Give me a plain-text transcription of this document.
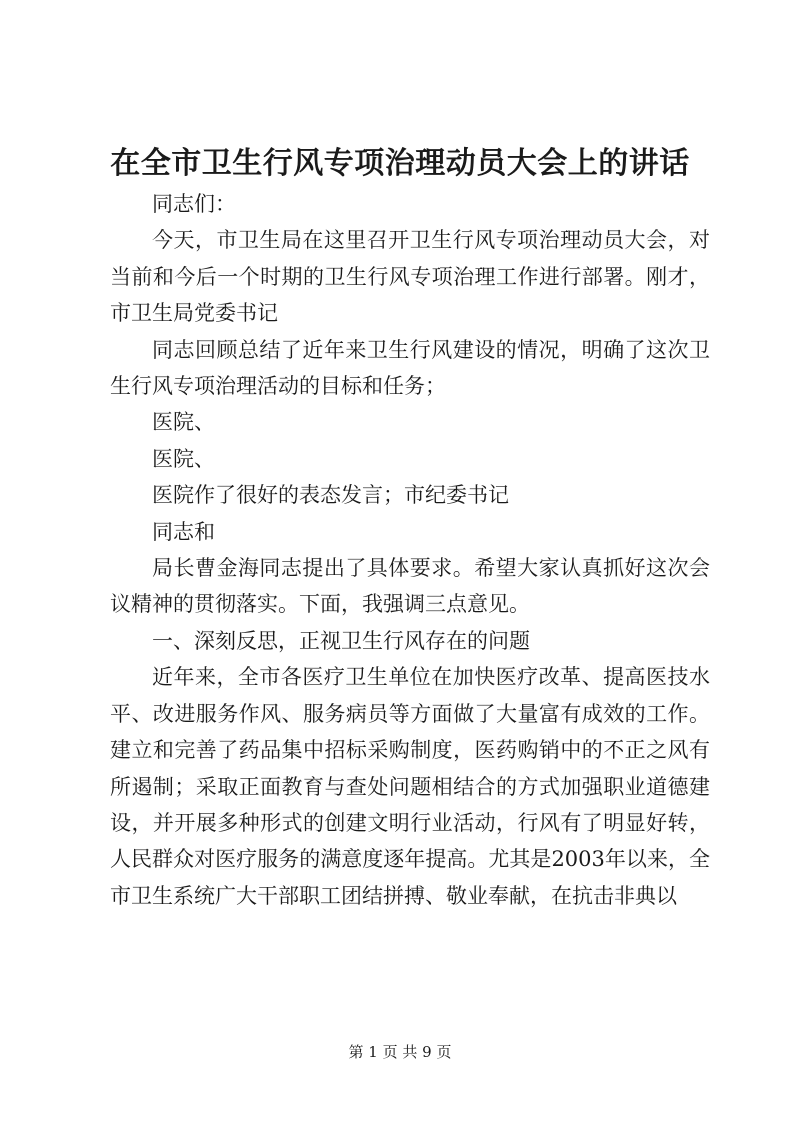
在全市卫生行风专项治理动员大会上的讲话

同志们：

今天，市卫生局在这里召开卫生行风专项治理动员大会，对当前和今后一个时期的卫生行风专项治理工作进行部署。刚才，市卫生局党委书记

同志回顾总结了近年来卫生行风建设的情况，明确了这次卫生行风专项治理活动的目标和任务；

医院、

医院、

医院作了很好的表态发言；市纪委书记

同志和

局长曹金海同志提出了具体要求。希望大家认真抓好这次会议精神的贯彻落实。下面，我强调三点意见。

一、深刻反思，正视卫生行风存在的问题

近年来，全市各医疗卫生单位在加快医疗改革、提高医技水平、改进服务作风、服务病员等方面做了大量富有成效的工作。建立和完善了药品集中招标采购制度，医药购销中的不正之风有所遏制；采取正面教育与查处问题相结合的方式加强职业道德建设，并开展多种形式的创建文明行业活动，行风有了明显好转，人民群众对医疗服务的满意度逐年提高。尤其是2003年以来，全市卫生系统广大干部职工团结拼搏、敬业奉献，在抗击非典以

第 1 页 共 9 页
